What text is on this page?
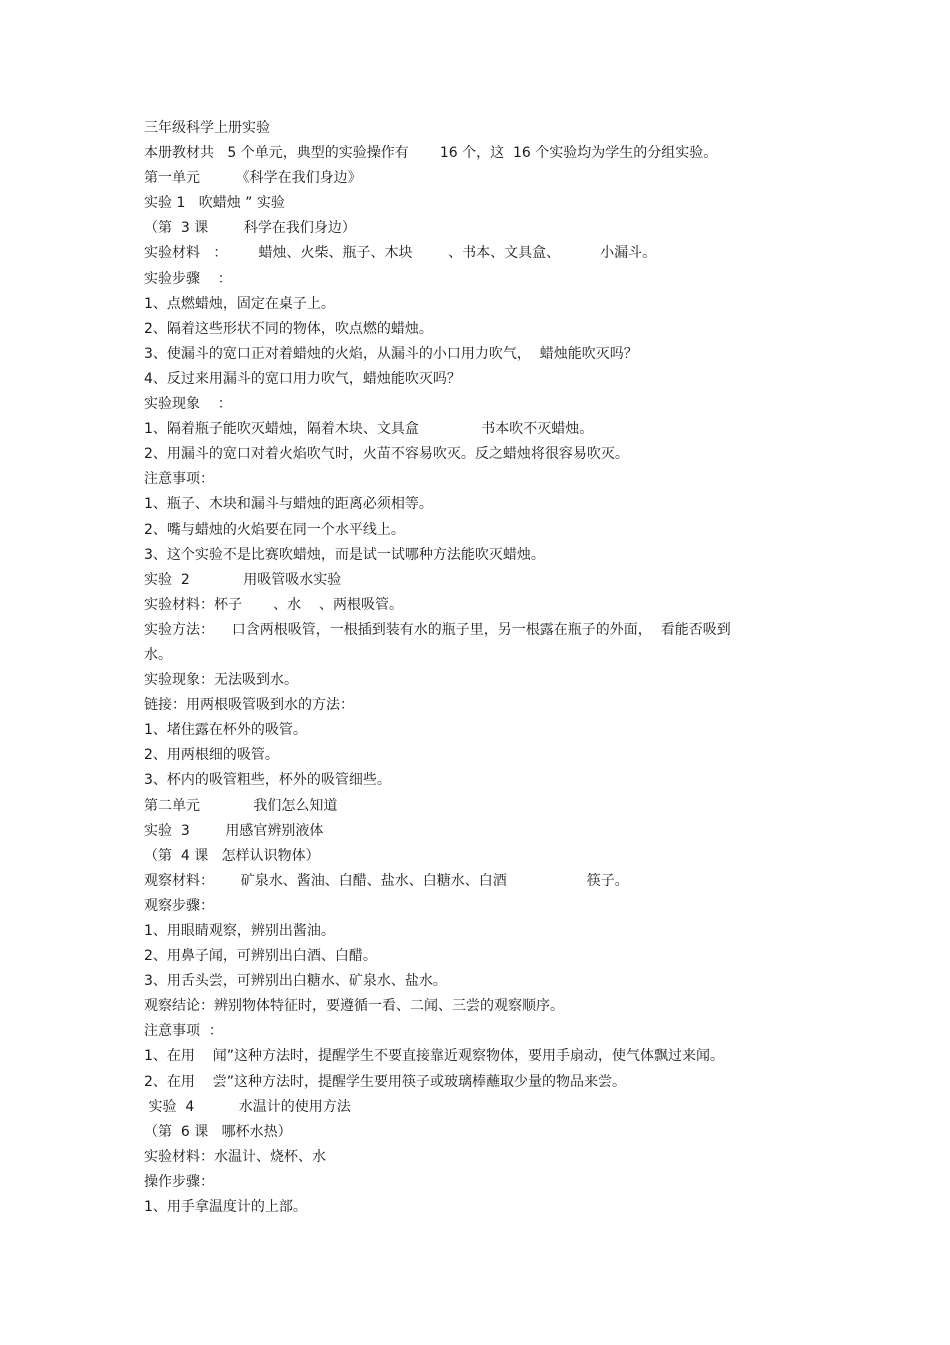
三年级科学上册实验
本册教材共   5 个单元，典型的实验操作有       16 个，这  16 个实验均为学生的分组实验。
第一单元        《科学在我们身边》
实验 1   吹蜡烛 ” 实验
（第  3 课        科学在我们身边）
实验材料   ：       蜡烛、火柴、瓶子、木块        、书本、文具盒、         小漏斗。
实验步骤    ：
1、点燃蜡烛，固定在桌子上。
2、隔着这些形状不同的物体，吹点燃的蜡烛。
3、使漏斗的宽口正对着蜡烛的火焰，从漏斗的小口用力吹气，  蜡烛能吹灭吗？
4、反过来用漏斗的宽口用力吹气，蜡烛能吹灭吗？
实验现象    ：
1、隔着瓶子能吹灭蜡烛，隔着木块、文具盒              书本吹不灭蜡烛。
2、用漏斗的宽口对着火焰吹气时，火苗不容易吹灭。反之蜡烛将很容易吹灭。
注意事项：
1、瓶子、木块和漏斗与蜡烛的距离必须相等。
2、嘴与蜡烛的火焰要在同一个水平线上。
3、这个实验不是比赛吹蜡烛，而是试一试哪种方法能吹灭蜡烛。
实验  2            用吸管吸水实验
实验材料：杯子       、水    、两根吸管。
实验方法：    口含两根吸管，一根插到装有水的瓶子里，另一根露在瓶子的外面，  看能否吸到
水。
实验现象：无法吸到水。
链接：用两根吸管吸到水的方法：
1、堵住露在杯外的吸管。
2、用两根细的吸管。
3、杯内的吸管粗些，杯外的吸管细些。
第二单元            我们怎么知道
实验  3        用感官辨别液体
（第  4 课   怎样认识物体）
观察材料：      矿泉水、酱油、白醋、盐水、白糖水、白酒                  筷子。
观察步骤：
1、用眼睛观察，辨别出酱油。
2、用鼻子闻，可辨别出白酒、白醋。
3、用舌头尝，可辨别出白糖水、矿泉水、盐水。
观察结论：辨别物体特征时，要遵循一看、二闻、三尝的观察顺序。
注意事项  ：
1、在用    闻”这种方法时，提醒学生不要直接靠近观察物体，要用手扇动，使气体飘过来闻。
2、在用    尝”这种方法时，提醒学生要用筷子或玻璃棒蘸取少量的物品来尝。
实验  4          水温计的使用方法
（第  6 课   哪杯水热）
实验材料：水温计、烧杯、水
操作步骤：
1、用手拿温度计的上部。
